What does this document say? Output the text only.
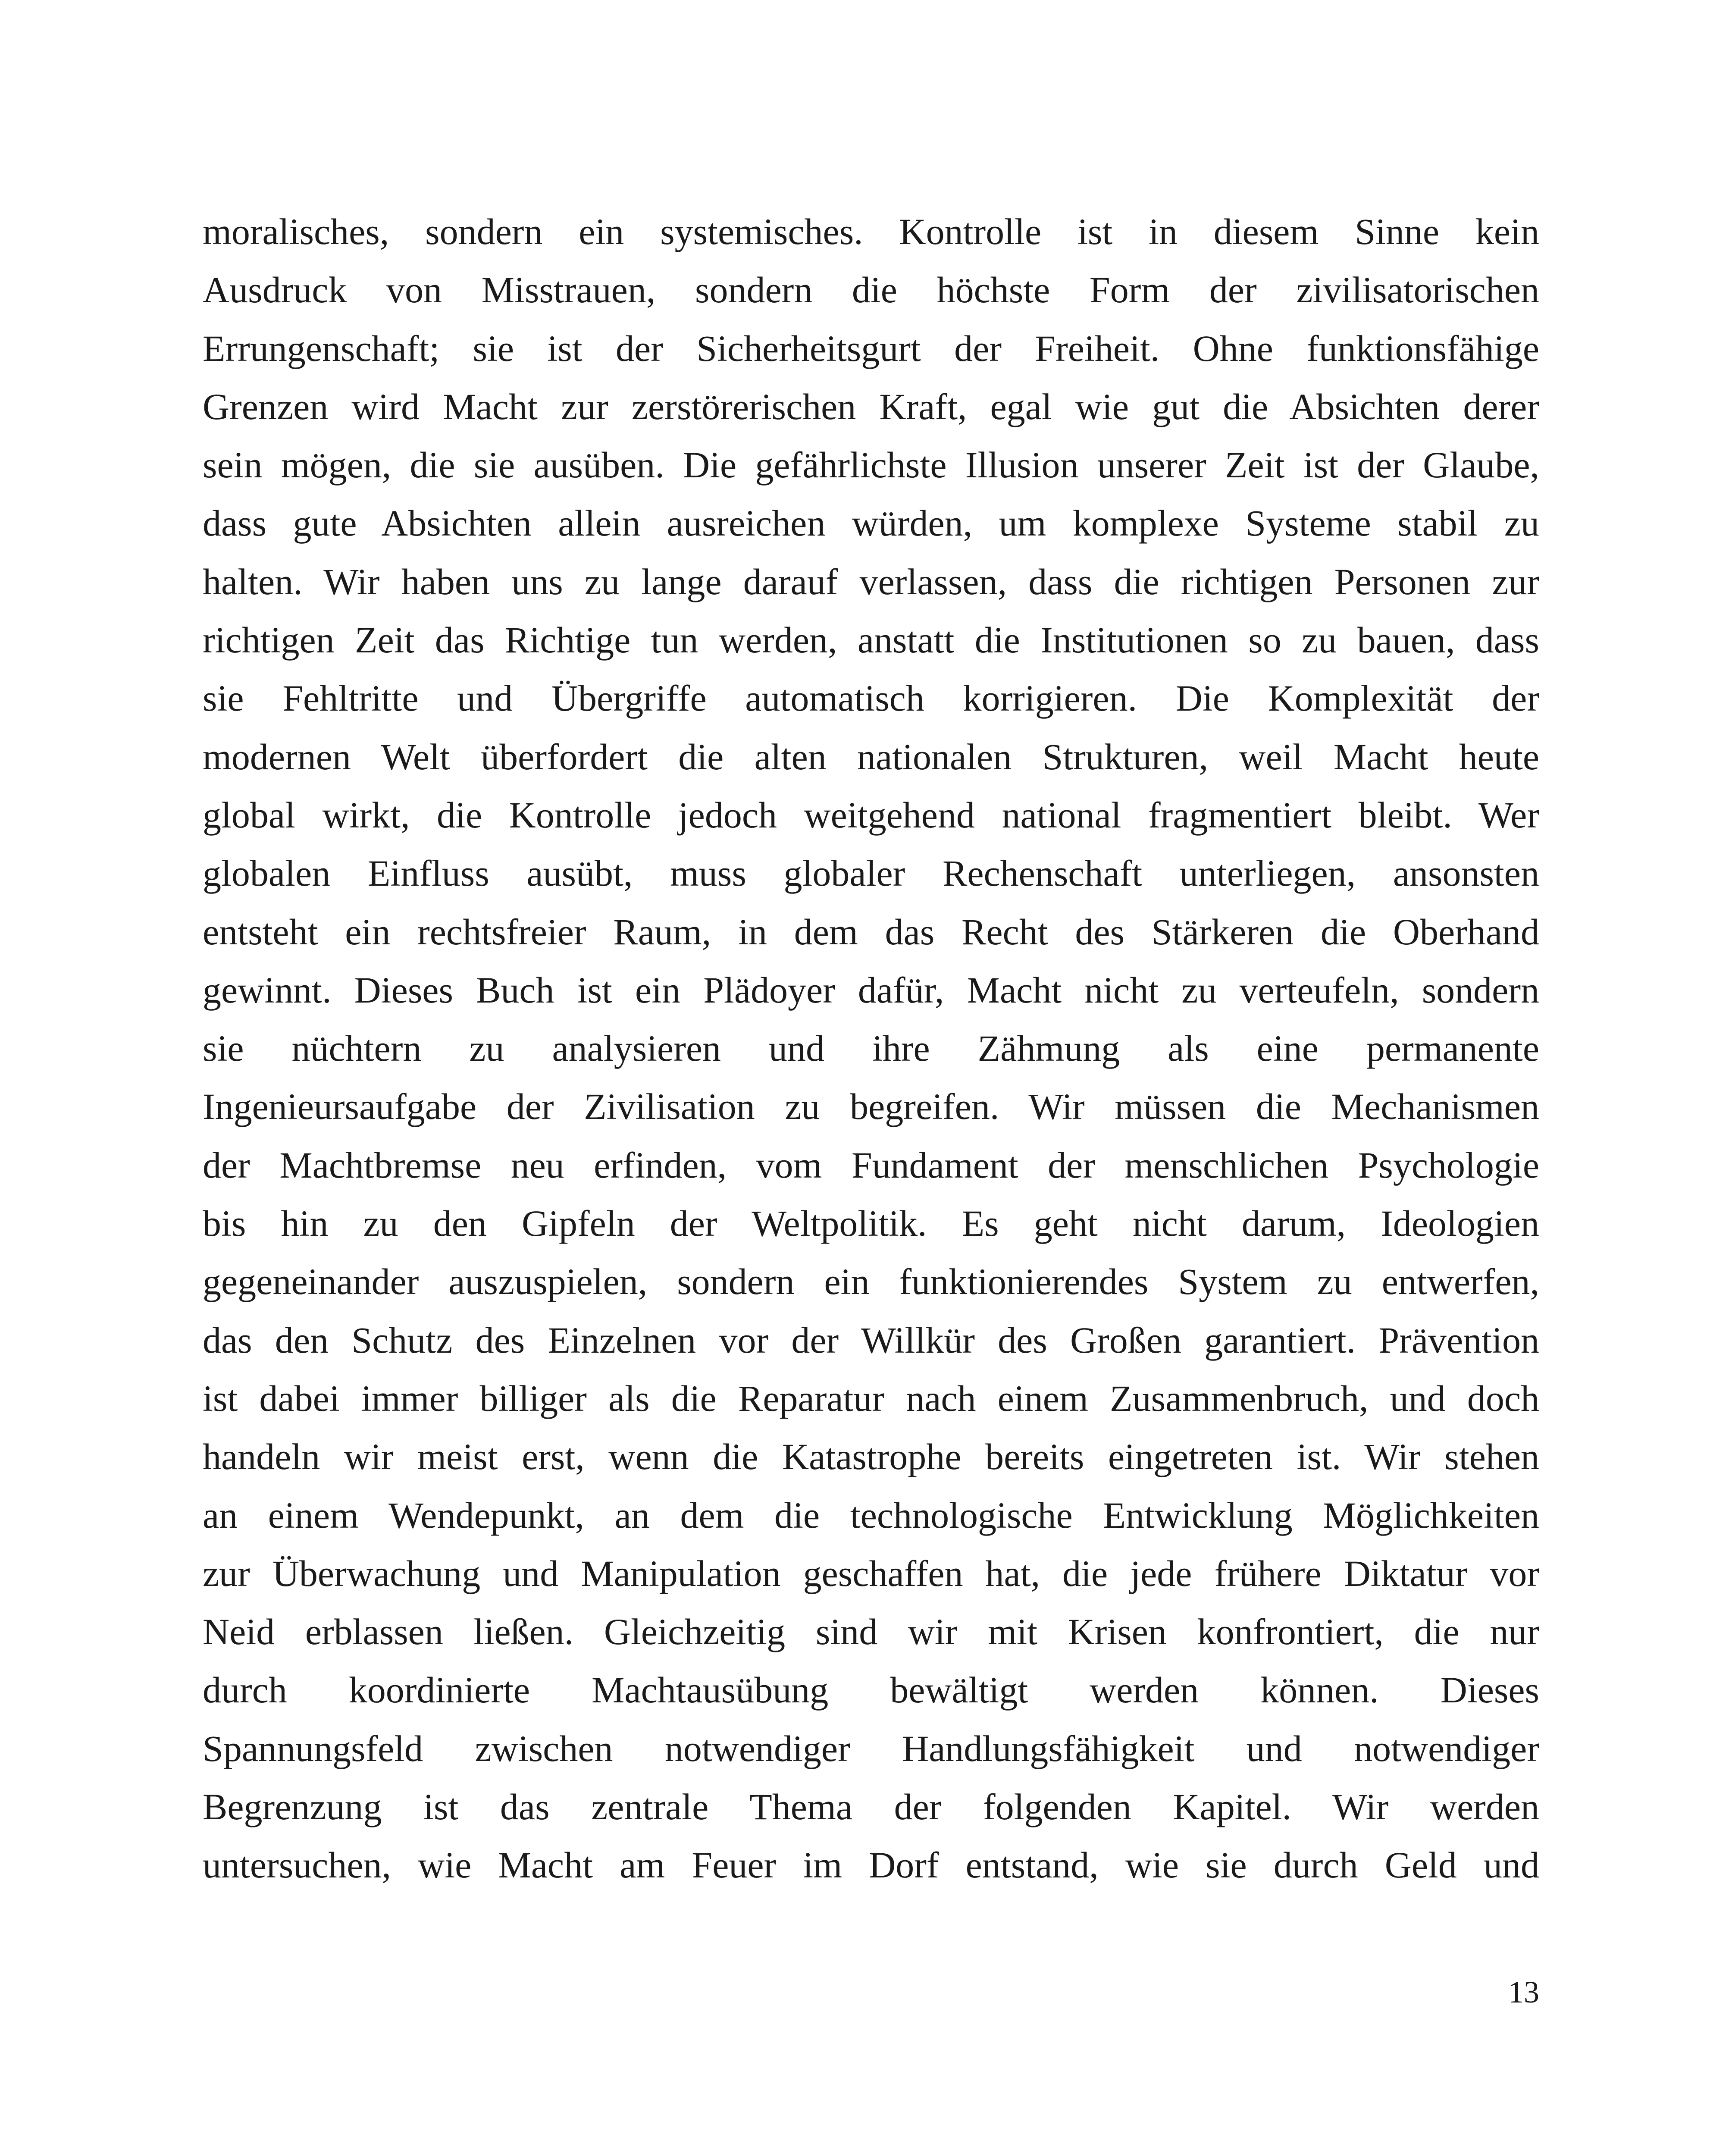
moralisches, sondern ein systemisches. Kontrolle ist in diesem Sinne kein
Ausdruck von Misstrauen, sondern die höchste Form der zivilisatorischen
Errungenschaft; sie ist der Sicherheitsgurt der Freiheit. Ohne funktionsfähige
Grenzen wird Macht zur zerstörerischen Kraft, egal wie gut die Absichten derer
sein mögen, die sie ausüben. Die gefährlichste Illusion unserer Zeit ist der Glaube,
dass gute Absichten allein ausreichen würden, um komplexe Systeme stabil zu
halten. Wir haben uns zu lange darauf verlassen, dass die richtigen Personen zur
richtigen Zeit das Richtige tun werden, anstatt die Institutionen so zu bauen, dass
sie Fehltritte und Übergriffe automatisch korrigieren. Die Komplexität der
modernen Welt überfordert die alten nationalen Strukturen, weil Macht heute
global wirkt, die Kontrolle jedoch weitgehend national fragmentiert bleibt. Wer
globalen Einfluss ausübt, muss globaler Rechenschaft unterliegen, ansonsten
entsteht ein rechtsfreier Raum, in dem das Recht des Stärkeren die Oberhand
gewinnt. Dieses Buch ist ein Plädoyer dafür, Macht nicht zu verteufeln, sondern
sie nüchtern zu analysieren und ihre Zähmung als eine permanente
Ingenieursaufgabe der Zivilisation zu begreifen. Wir müssen die Mechanismen
der Machtbremse neu erfinden, vom Fundament der menschlichen Psychologie
bis hin zu den Gipfeln der Weltpolitik. Es geht nicht darum, Ideologien
gegeneinander auszuspielen, sondern ein funktionierendes System zu entwerfen,
das den Schutz des Einzelnen vor der Willkür des Großen garantiert. Prävention
ist dabei immer billiger als die Reparatur nach einem Zusammenbruch, und doch
handeln wir meist erst, wenn die Katastrophe bereits eingetreten ist. Wir stehen
an einem Wendepunkt, an dem die technologische Entwicklung Möglichkeiten
zur Überwachung und Manipulation geschaffen hat, die jede frühere Diktatur vor
Neid erblassen ließen. Gleichzeitig sind wir mit Krisen konfrontiert, die nur
durch koordinierte Machtausübung bewältigt werden können. Dieses
Spannungsfeld zwischen notwendiger Handlungsfähigkeit und notwendiger
Begrenzung ist das zentrale Thema der folgenden Kapitel. Wir werden
untersuchen, wie Macht am Feuer im Dorf entstand, wie sie durch Geld und
13
